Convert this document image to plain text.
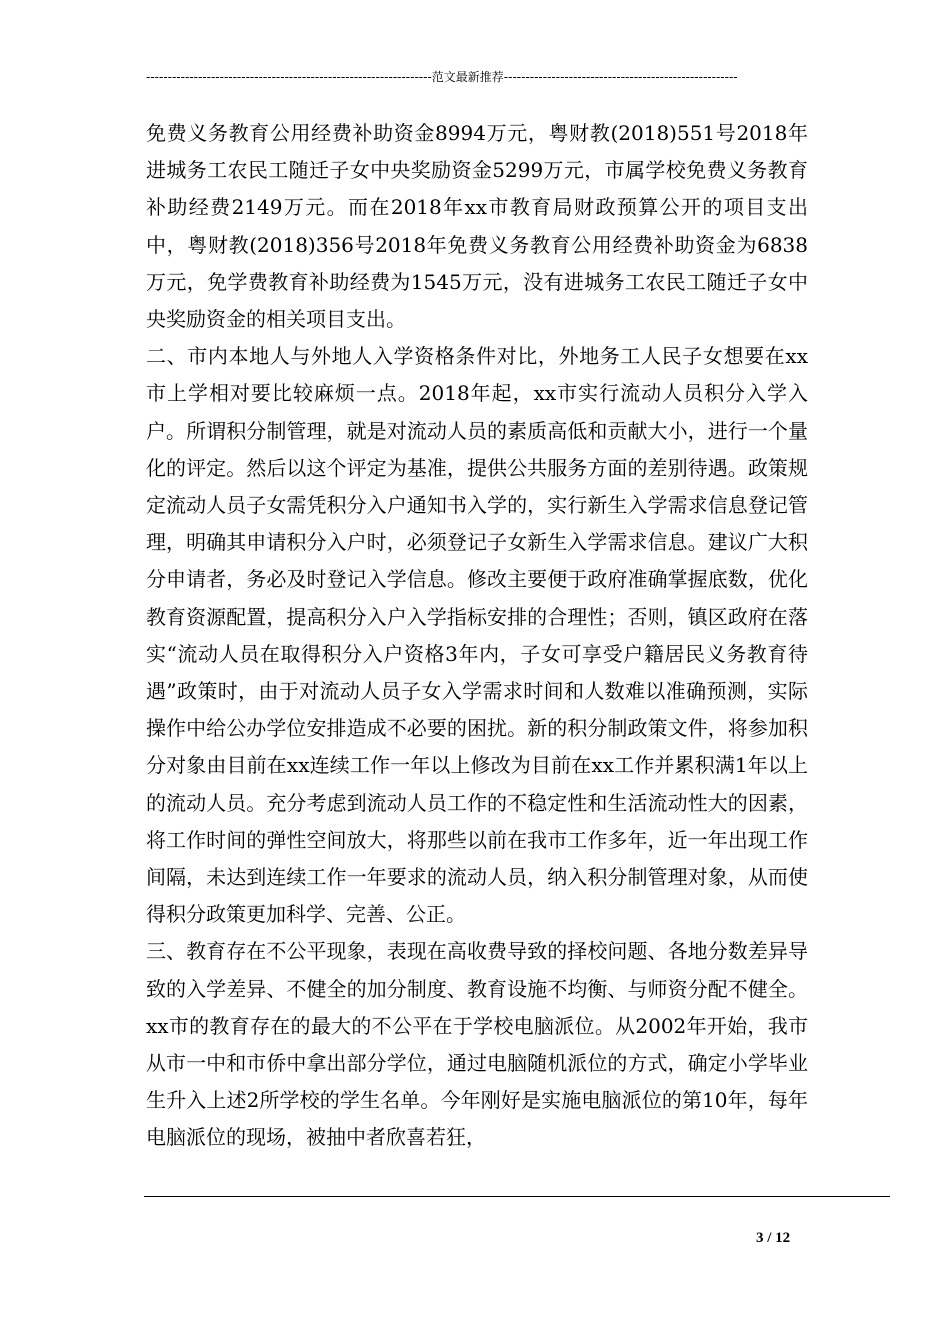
------------------------------------------------------------------范文最新推荐------------------------------------------------------

免费义务教育公用经费补助资金8994万元，粤财教(2018)551号2018年进城务工农民工随迁子女中央奖励资金5299万元，市属学校免费义务教育补助经费2149万元。而在2018年xx市教育局财政预算公开的项目支出中，粤财教(2018)356号2018年免费义务教育公用经费补助资金为6838万元，免学费教育补助经费为1545万元，没有进城务工农民工随迁子女中央奖励资金的相关项目支出。

二、市内本地人与外地人入学资格条件对比，外地务工人民子女想要在xx市上学相对要比较麻烦一点。2018年起，xx市实行流动人员积分入学入户。所谓积分制管理，就是对流动人员的素质高低和贡献大小，进行一个量化的评定。然后以这个评定为基准，提供公共服务方面的差别待遇。政策规定流动人员子女需凭积分入户通知书入学的，实行新生入学需求信息登记管理，明确其申请积分入户时，必须登记子女新生入学需求信息。建议广大积分申请者，务必及时登记入学信息。修改主要便于政府准确掌握底数，优化教育资源配置，提高积分入户入学指标安排的合理性；否则，镇区政府在落实“流动人员在取得积分入户资格3年内，子女可享受户籍居民义务教育待遇”政策时，由于对流动人员子女入学需求时间和人数难以准确预测，实际操作中给公办学位安排造成不必要的困扰。新的积分制政策文件，将参加积分对象由目前在xx连续工作一年以上修改为目前在xx工作并累积满1年以上的流动人员。充分考虑到流动人员工作的不稳定性和生活流动性大的因素，将工作时间的弹性空间放大，将那些以前在我市工作多年，近一年出现工作间隔，未达到连续工作一年要求的流动人员，纳入积分制管理对象，从而使得积分政策更加科学、完善、公正。

三、教育存在不公平现象，表现在高收费导致的择校问题、各地分数差异导致的入学差异、不健全的加分制度、教育设施不均衡、与师资分配不健全。xx市的教育存在的最大的不公平在于学校电脑派位。从2002年开始，我市从市一中和市侨中拿出部分学位，通过电脑随机派位的方式，确定小学毕业生升入上述2所学校的学生名单。今年刚好是实施电脑派位的第10年，每年电脑派位的现场，被抽中者欣喜若狂，

3 / 12
